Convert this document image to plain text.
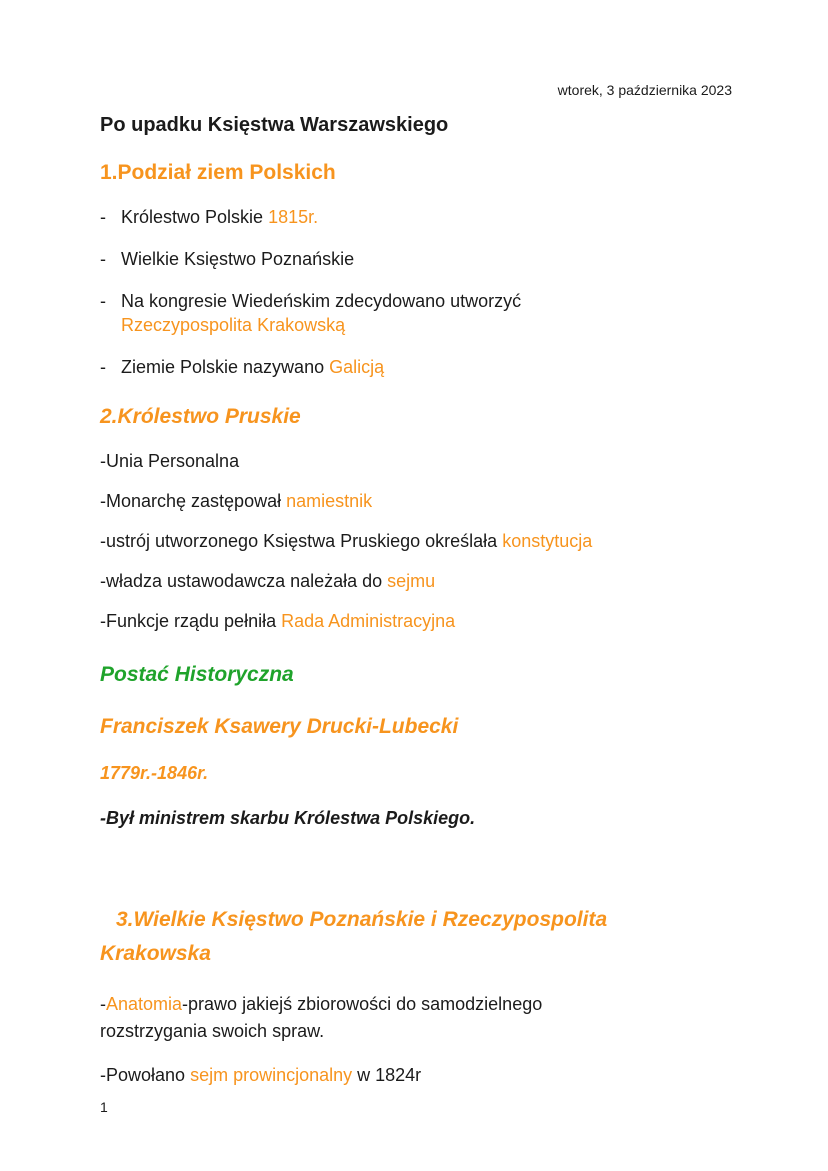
wtorek, 3 października 2023

Po upadku Księstwa Warszawskiego
1.Podział ziem Polskich
- Królestwo Polskie 1815r.
- Wielkie Księstwo Poznańskie
- Na kongresie Wiedeńskim zdecydowano utworzyć
Rzeczypospolita Krakowską
- Ziemie Polskie nazywano Galicją
2.Królestwo Pruskie

-Unia Personalna

-Monarchę zastępował namiestnik

-ustrój utworzonego Księstwa Pruskiego określała konstytucja

-władza ustawodawcza należała do sejmu

-Funkcje rządu pełniła Rada Administracyjna

Postać Historyczna
Franciszek Ksawery Drucki-Lubecki

1779r.-1846r.

-Był ministrem skarbu Królestwa Polskiego.

3.Wielkie Księstwo Poznańskie i Rzeczypospolita
Krakowska

-Anatomia-prawo jakiejś zbiorowości do samodzielnego rozstrzygania swoich spraw.

-Powołano sejm prowincjonalny w 1824r

1
